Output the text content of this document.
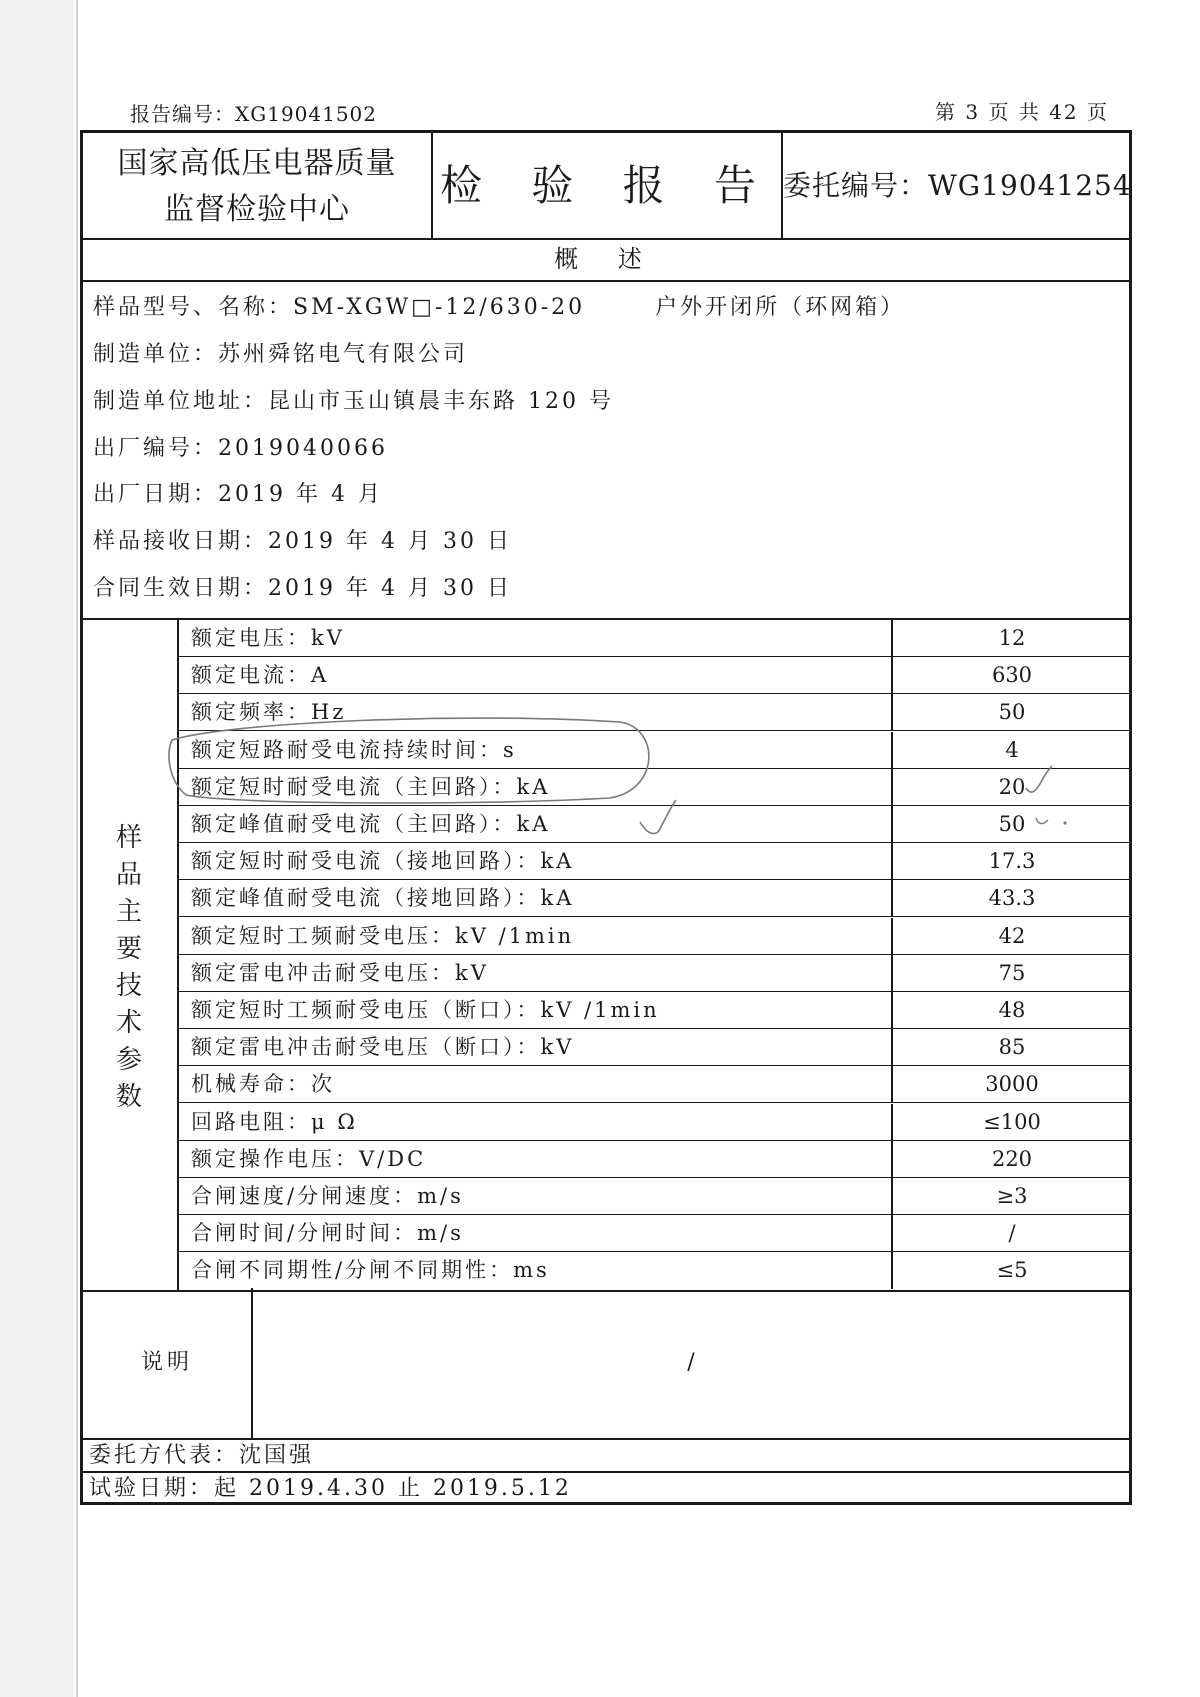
报告编号：XG19041502	第 3 页 共 42 页
国家高低压电器质量
监督检验中心	检 验 报 告 委托编号：WG19041254
概 述
样品型号、名称：SM-XGW□-12/630-20	户外开闭所（环网箱）
制造单位：苏州舜铭电气有限公司
制造单位地址：昆山市玉山镇晨丰东路 120 号
出厂编号：2019040066
出厂日期：2019 年 4 月
样品接收日期：2019 年 4 月 30 日
合同生效日期：2019 年 4 月 30 日
样
品
主
要
技
术
参
数
额定电压：kV	12
额定电流：A	630
额定频率：Hz	50
额定短路耐受电流持续时间：s	4
额定短时耐受电流（主回路）：kA	20
额定峰值耐受电流（主回路）：kA	50
额定短时耐受电流（接地回路）：kA	17.3
额定峰值耐受电流（接地回路）：kA	43.3
额定短时工频耐受电压：kV /1min	42
额定雷电冲击耐受电压：kV	75
额定短时工频耐受电压（断口）：kV /1min	48
额定雷电冲击耐受电压（断口）：kV	85
机械寿命：次	3000
回路电阻：μ Ω	≤100
额定操作电压：V/DC	220
合闸速度/分闸速度：m/s	≥3
合闸时间/分闸时间：m/s	/
合闸不同期性/分闸不同期性：ms	≤5
说明	/
委托方代表：沈国强
试验日期：起 2019.4.30 止 2019.5.12
